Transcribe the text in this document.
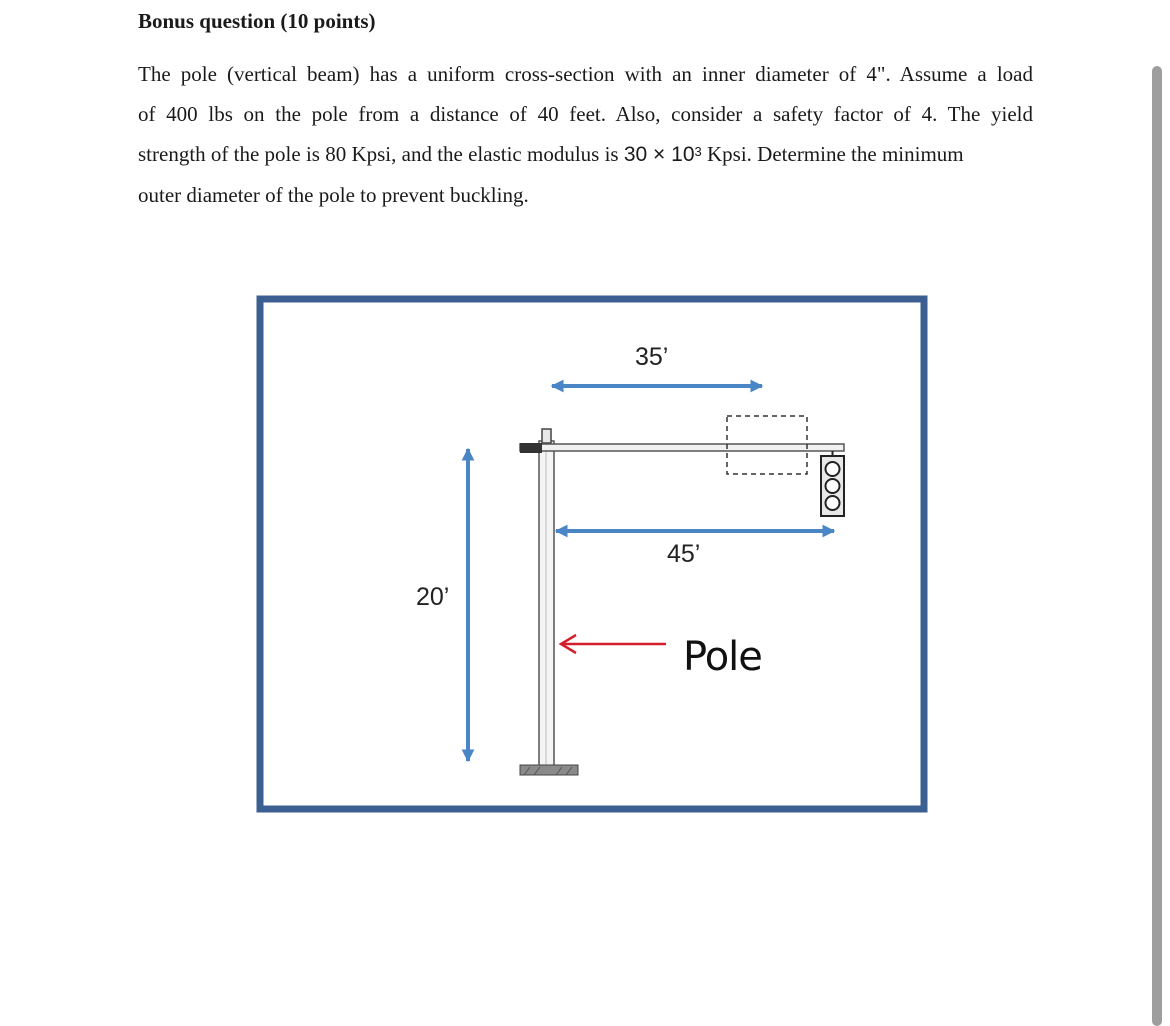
Bonus question (10 points)
The pole (vertical beam) has a uniform cross-section with an inner diameter of 4". Assume a load
of 400 lbs on the pole from a distance of 40 feet. Also, consider a safety factor of 4. The yield
strength of the pole is 80 Kpsi, and the elastic modulus is $30 \times 10^3$ Kpsi. Determine the minimum
outer diameter of the pole to prevent buckling.
35’
45’
20’
Pole
